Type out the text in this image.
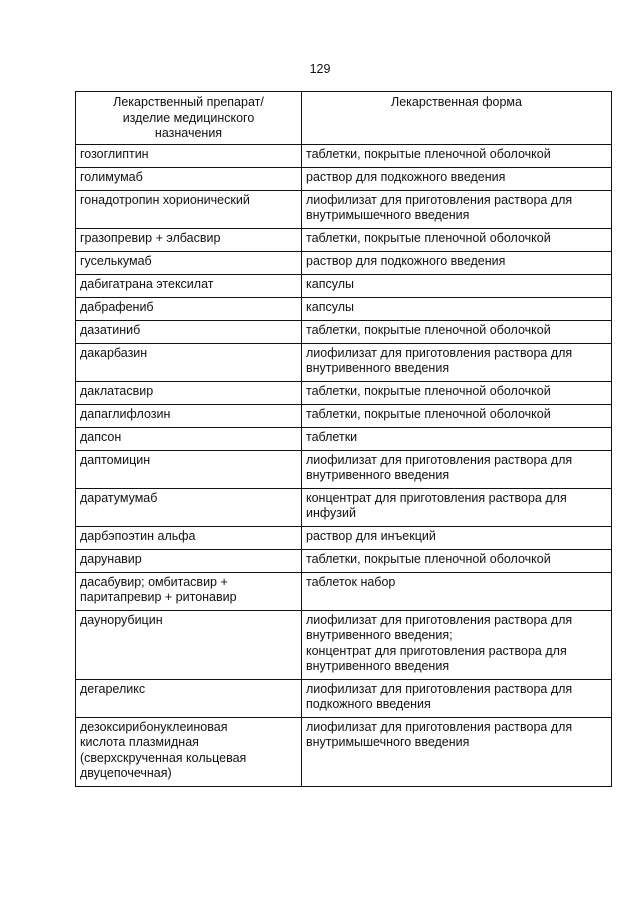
129
Лекарственный препарат/
изделие медицинского
назначения	Лекарственная форма

гозоглиптин	таблетки, покрытые пленочной оболочкой

голимумаб	раствор для подкожного введения

гонадотропин хорионический	лиофилизат для приготовления раствора для
внутримышечного введения

гразопревир + элбасвир	таблетки, покрытые пленочной оболочкой

гуселькумаб	раствор для подкожного введения

дабигатрана этексилат	капсулы

дабрафениб	капсулы

дазатиниб	таблетки, покрытые пленочной оболочкой

дакарбазин	лиофилизат для приготовления раствора для
внутривенного введения

даклатасвир	таблетки, покрытые пленочной оболочкой

дапаглифлозин	таблетки, покрытые пленочной оболочкой

дапсон	таблетки

даптомицин	лиофилизат для приготовления раствора для
внутривенного введения

даратумумаб	концентрат для приготовления раствора для
инфузий

дарбэпоэтин альфа	раствор для инъекций

дарунавир	таблетки, покрытые пленочной оболочкой

дасабувир; омбитасвир +
паритапревир + ритонавир	таблеток набор

даунорубицин	лиофилизат для приготовления раствора для
внутривенного введения;
концентрат для приготовления раствора для
внутривенного введения

дегареликс	лиофилизат для приготовления раствора для
подкожного введения

дезоксирибонуклеиновая
кислота плазмидная
(сверхскрученная кольцевая
двуцепочечная)	лиофилизат для приготовления раствора для
внутримышечного введения
